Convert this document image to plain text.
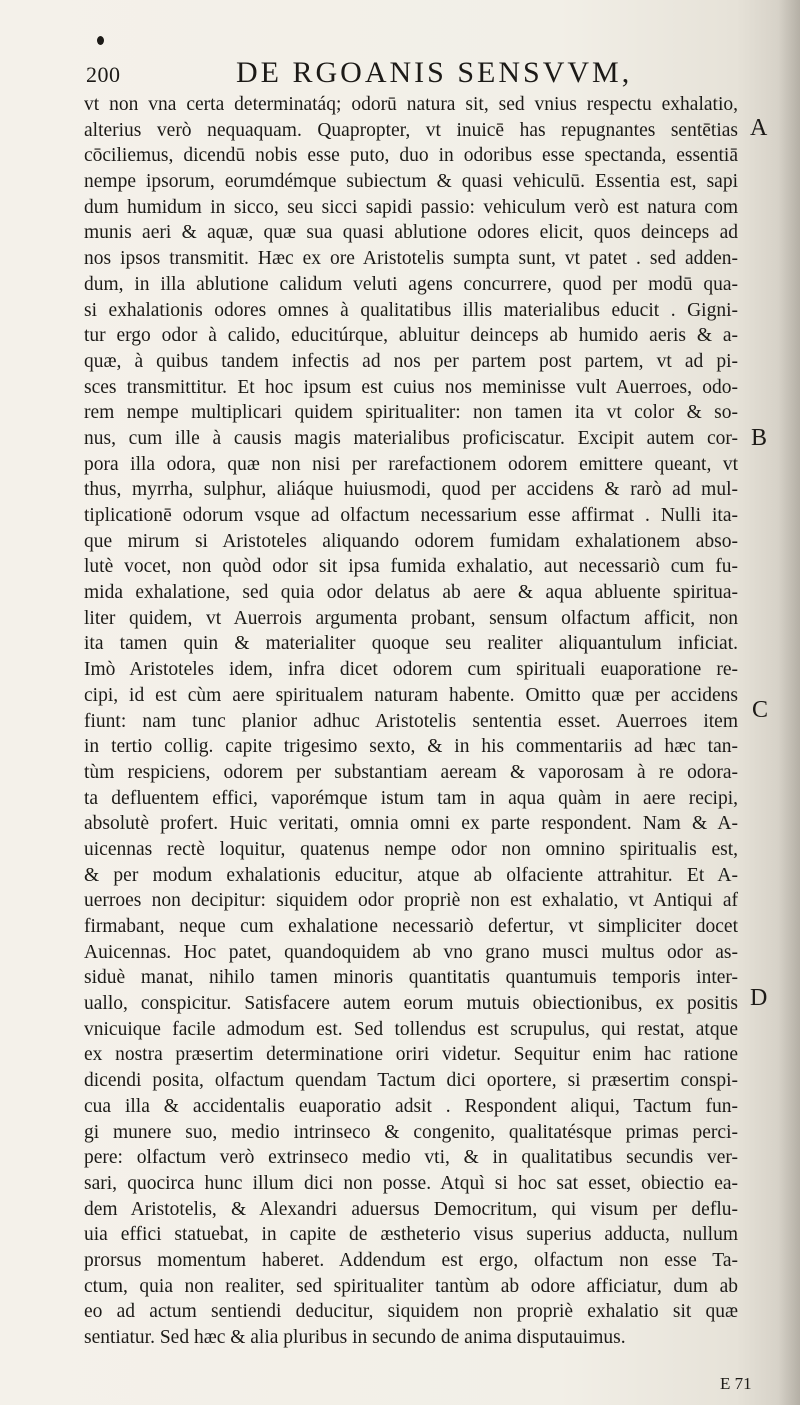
200	DE RGOANIS SENSVVM,
vt non vna certa determinatáq; odorū natura sit, sed vnius respectu exhalatio,
alterius verò nequaquam. Quapropter, vt inuicē has repugnantes sentētias
cōciliemus, dicendū nobis esse puto, duo in odoribus esse spectanda, essentiā
nempe ipsorum, eorumdémque subiectum & quasi vehiculū. Essentia est, sapi
dum humidum in sicco, seu sicci sapidi passio: vehiculum verò est natura com
munis aeri & aquæ, quæ sua quasi ablutione odores elicit, quos deinceps ad
nos ipsos transmitit. Hæc ex ore Aristotelis sumpta sunt, vt patet . sed adden-
dum, in illa ablutione calidum veluti agens concurrere, quod per modū qua-
si exhalationis odores omnes à qualitatibus illis materialibus educit . Gigni-
tur ergo odor à calido, educitúrque, abluitur deinceps ab humido aeris & a-
quæ, à quibus tandem infectis ad nos per partem post partem, vt ad pi-
sces transmittitur. Et hoc ipsum est cuius nos meminisse vult Auerroes, odo-
rem nempe multiplicari quidem spiritualiter: non tamen ita vt color & so-
nus, cum ille à causis magis materialibus proficiscatur. Excipit autem cor-
pora illa odora, quæ non nisi per rarefactionem odorem emittere queant, vt
thus, myrrha, sulphur, aliáque huiusmodi, quod per accidens & rarò ad mul-
tiplicationē odorum vsque ad olfactum necessarium esse affirmat . Nulli ita-
que mirum si Aristoteles aliquando odorem fumidam exhalationem abso-
lutè vocet, non quòd odor sit ipsa fumida exhalatio, aut necessariò cum fu-
mida exhalatione, sed quia odor delatus ab aere & aqua abluente spiritua-
liter quidem, vt Auerrois argumenta probant, sensum olfactum afficit, non
ita tamen quin & materialiter quoque seu realiter aliquantulum inficiat.
Imò Aristoteles idem, infra dicet odorem cum spirituali euaporatione re-
cipi, id est cùm aere spiritualem naturam habente. Omitto quæ per accidens
fiunt: nam tunc planior adhuc Aristotelis sententia esset. Auerroes item
in tertio collig. capite trigesimo sexto, & in his commentariis ad hæc tan-
tùm respiciens, odorem per substantiam aeream & vaporosam à re odora-
ta defluentem effici, vaporémque istum tam in aqua quàm in aere recipi,
absolutè profert. Huic veritati, omnia omni ex parte respondent. Nam & A-
uicennas rectè loquitur, quatenus nempe odor non omnino spiritualis est,
& per modum exhalationis educitur, atque ab olfaciente attrahitur. Et A-
uerroes non decipitur: siquidem odor propriè non est exhalatio, vt Antiqui af
firmabant, neque cum exhalatione necessariò defertur, vt simpliciter docet
Auicennas. Hoc patet, quandoquidem ab vno grano musci multus odor as-
siduè manat, nihilo tamen minoris quantitatis quantumuis temporis inter-
uallo, conspicitur. Satisfacere autem eorum mutuis obiectionibus, ex positis
vnicuique facile admodum est. Sed tollendus est scrupulus, qui restat, atque
ex nostra præsertim determinatione oriri videtur. Sequitur enim hac ratione
dicendi posita, olfactum quendam Tactum dici oportere, si præsertim conspi-
cua illa & accidentalis euaporatio adsit . Respondent aliqui, Tactum fun-
gi munere suo, medio intrinseco & congenito, qualitatésque primas perci-
pere: olfactum verò extrinseco medio vti, & in qualitatibus secundis ver-
sari, quocirca hunc illum dici non posse. Atquì si hoc sat esset, obiectio ea-
dem Aristotelis, & Alexandri aduersus Democritum, qui visum per deflu-
uia effici statuebat, in capite de æstheterio visus superius adducta, nullum
prorsus momentum haberet. Addendum est ergo, olfactum non esse Ta-
ctum, quia non realiter, sed spiritualiter tantùm ab odore afficiatur, dum ab
eo ad actum sentiendi deducitur, siquidem non propriè exhalatio sit quæ
sentiatur. Sed hæc & alia pluribus in secundo de anima disputauimus.
A
B
C
D
E 71
